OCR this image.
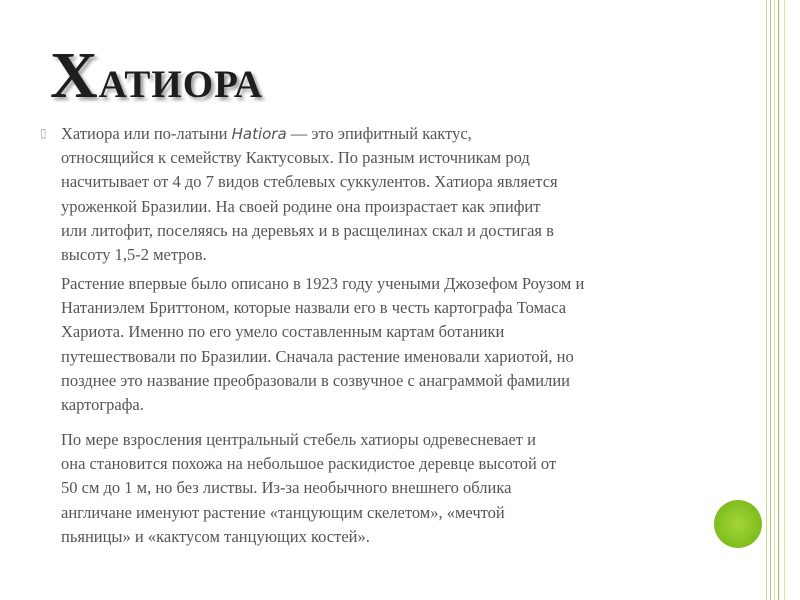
Хатиора
▯ Хатиора или по-латыни Hatiora — это эпифитный кактус,
относящийся к семейству Кактусовых. По разным источникам род
насчитывает от 4 до 7 видов стеблевых суккулентов. Хатиора является
уроженкой Бразилии. На своей родине она произрастает как эпифит
или литофит, поселяясь на деревьях и в расщелинах скал и достигая в
высоту 1,5-2 метров.

Растение впервые было описано в 1923 году учеными Джозефом Роузом и
Натаниэлем Бриттоном, которые назвали его в честь картографа Томаса
Хариота. Именно по его умело составленным картам ботаники
путешествовали по Бразилии. Сначала растение именовали хариотой, но
позднее это название преобразовали в созвучное с анаграммой фамилии
картографа.

По мере взросления центральный стебель хатиоры одревесневает и
она становится похожа на небольшое раскидистое деревце высотой от
50 см до 1 м, но без листвы. Из-за необычного внешнего облика
англичане именуют растение «танцующим скелетом», «мечтой
пьяницы» и «кактусом танцующих костей».
